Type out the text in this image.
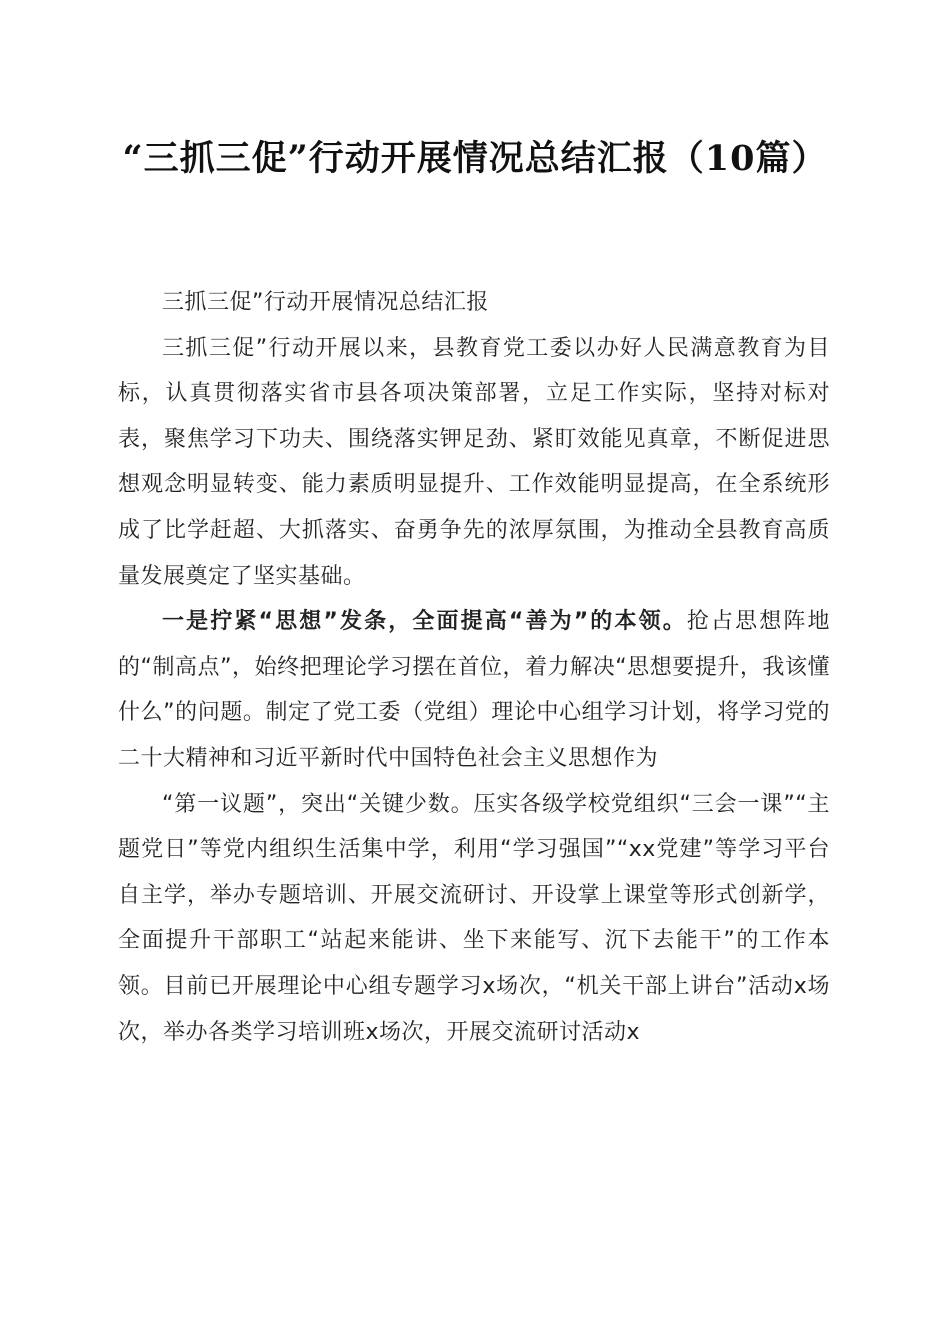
“三抓三促”行动开展情况总结汇报（10篇）

三抓三促”行动开展情况总结汇报

三抓三促”行动开展以来，县教育党工委以办好人民满意教育为目标，认真贯彻落实省市县各项决策部署，立足工作实际，坚持对标对表，聚焦学习下功夫、围绕落实钾足劲、紧盯效能见真章，不断促进思想观念明显转变、能力素质明显提升、工作效能明显提高，在全系统形成了比学赶超、大抓落实、奋勇争先的浓厚氛围，为推动全县教育高质量发展奠定了坚实基础。

一是拧紧“思想”发条，全面提高“善为”的本领。抢占思想阵地的“制高点”，始终把理论学习摆在首位，着力解决“思想要提升，我该懂什么”的问题。制定了党工委（党组）理论中心组学习计划，将学习党的二十大精神和习近平新时代中国特色社会主义思想作为

“第一议题”，突出“关键少数。压实各级学校党组织“三会一课”“主题党日”等党内组织生活集中学，利用“学习强国”“xx党建”等学习平台自主学，举办专题培训、开展交流研讨、开设掌上课堂等形式创新学，全面提升干部职工“站起来能讲、坐下来能写、沉下去能干”的工作本领。目前已开展理论中心组专题学习x场次，“机关干部上讲台”活动x场次，举办各类学习培训班x场次，开展交流研讨活动x
